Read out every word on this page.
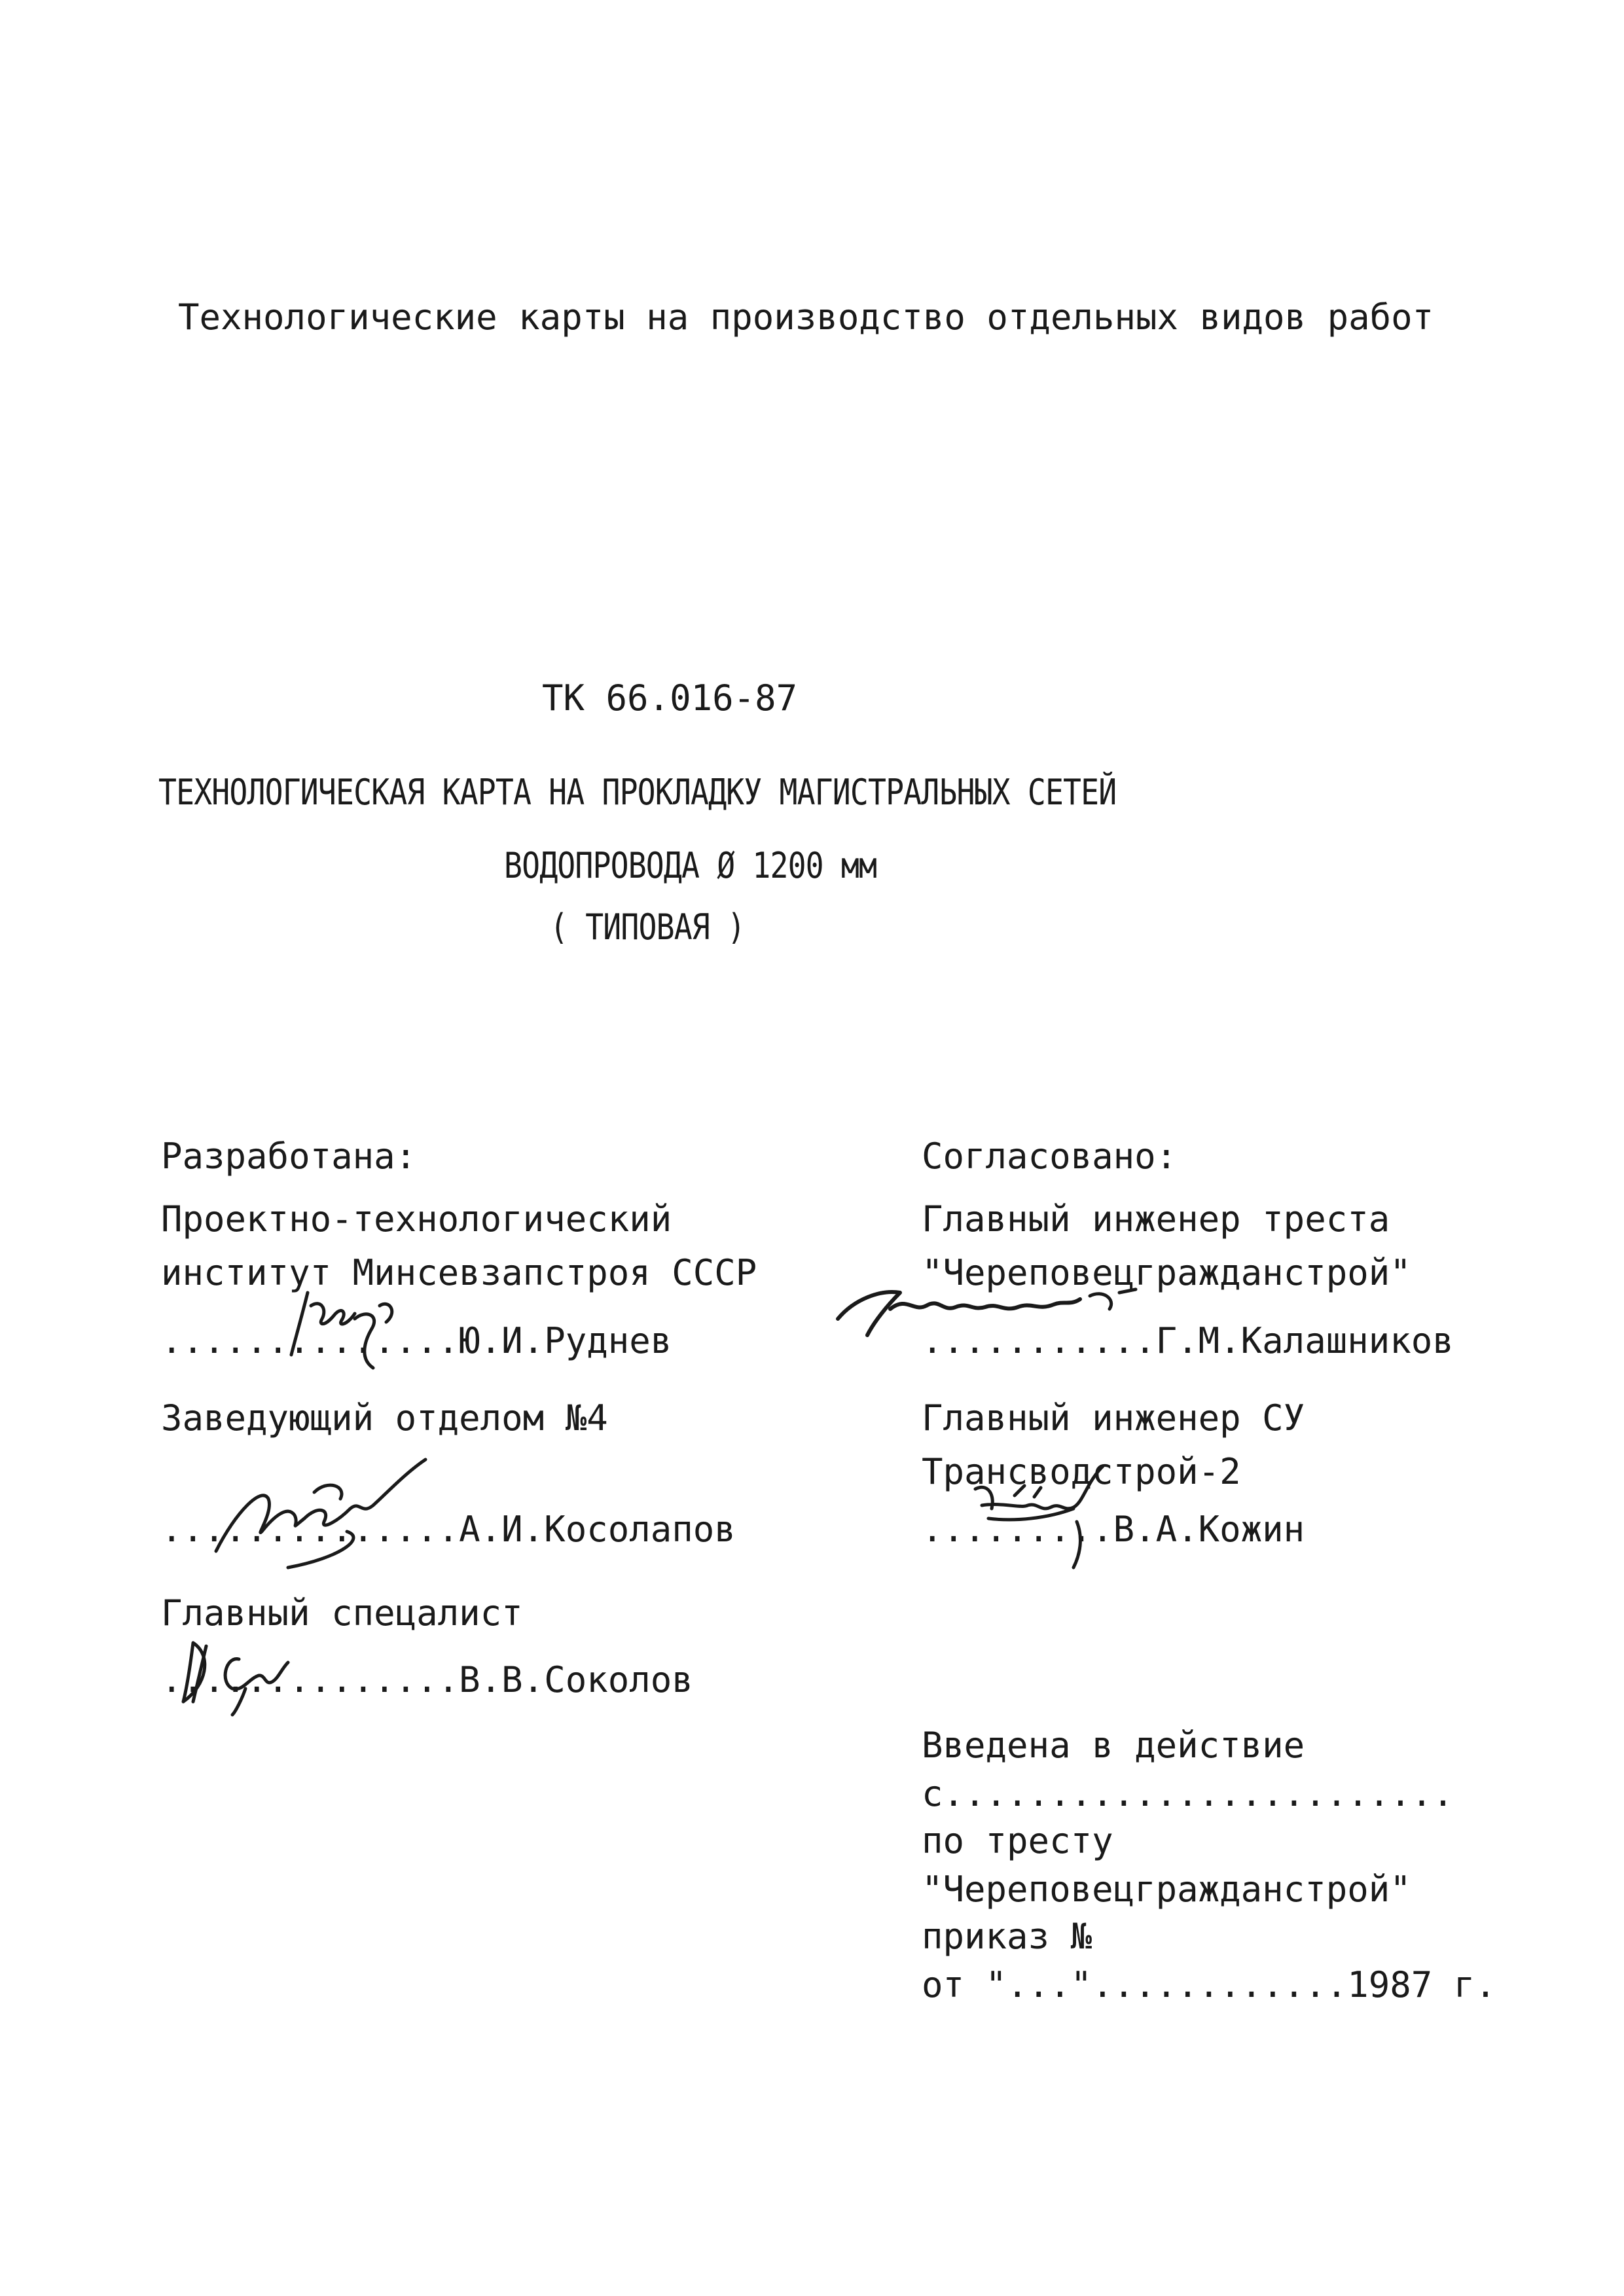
Технологические карты на производство отдельных видов работ
ТК 66.016-87
ТЕХНОЛОГИЧЕСКАЯ КАРТА НА ПРОКЛАДКУ МАГИСТРАЛЬНЫХ СЕТЕЙ
ВОДОПРОВОДА Ø 1200 мм
( ТИПОВАЯ )
Разработана:
Проектно-технологический
институт Минсевзапстроя СССР
..............Ю.И.Руднев
Заведующий отделом №4
..............А.И.Косолапов
Главный спецалист
..............В.В.Соколов
Согласовано:
Главный инженер треста
"Череповецгражданстрой"
...........Г.М.Калашников
Главный инженер СУ
Трансводстрой-2
.........В.А.Кожин
Введена в действие
с........................
по тресту
"Череповецгражданстрой"
приказ №
от "..."............1987 г.
